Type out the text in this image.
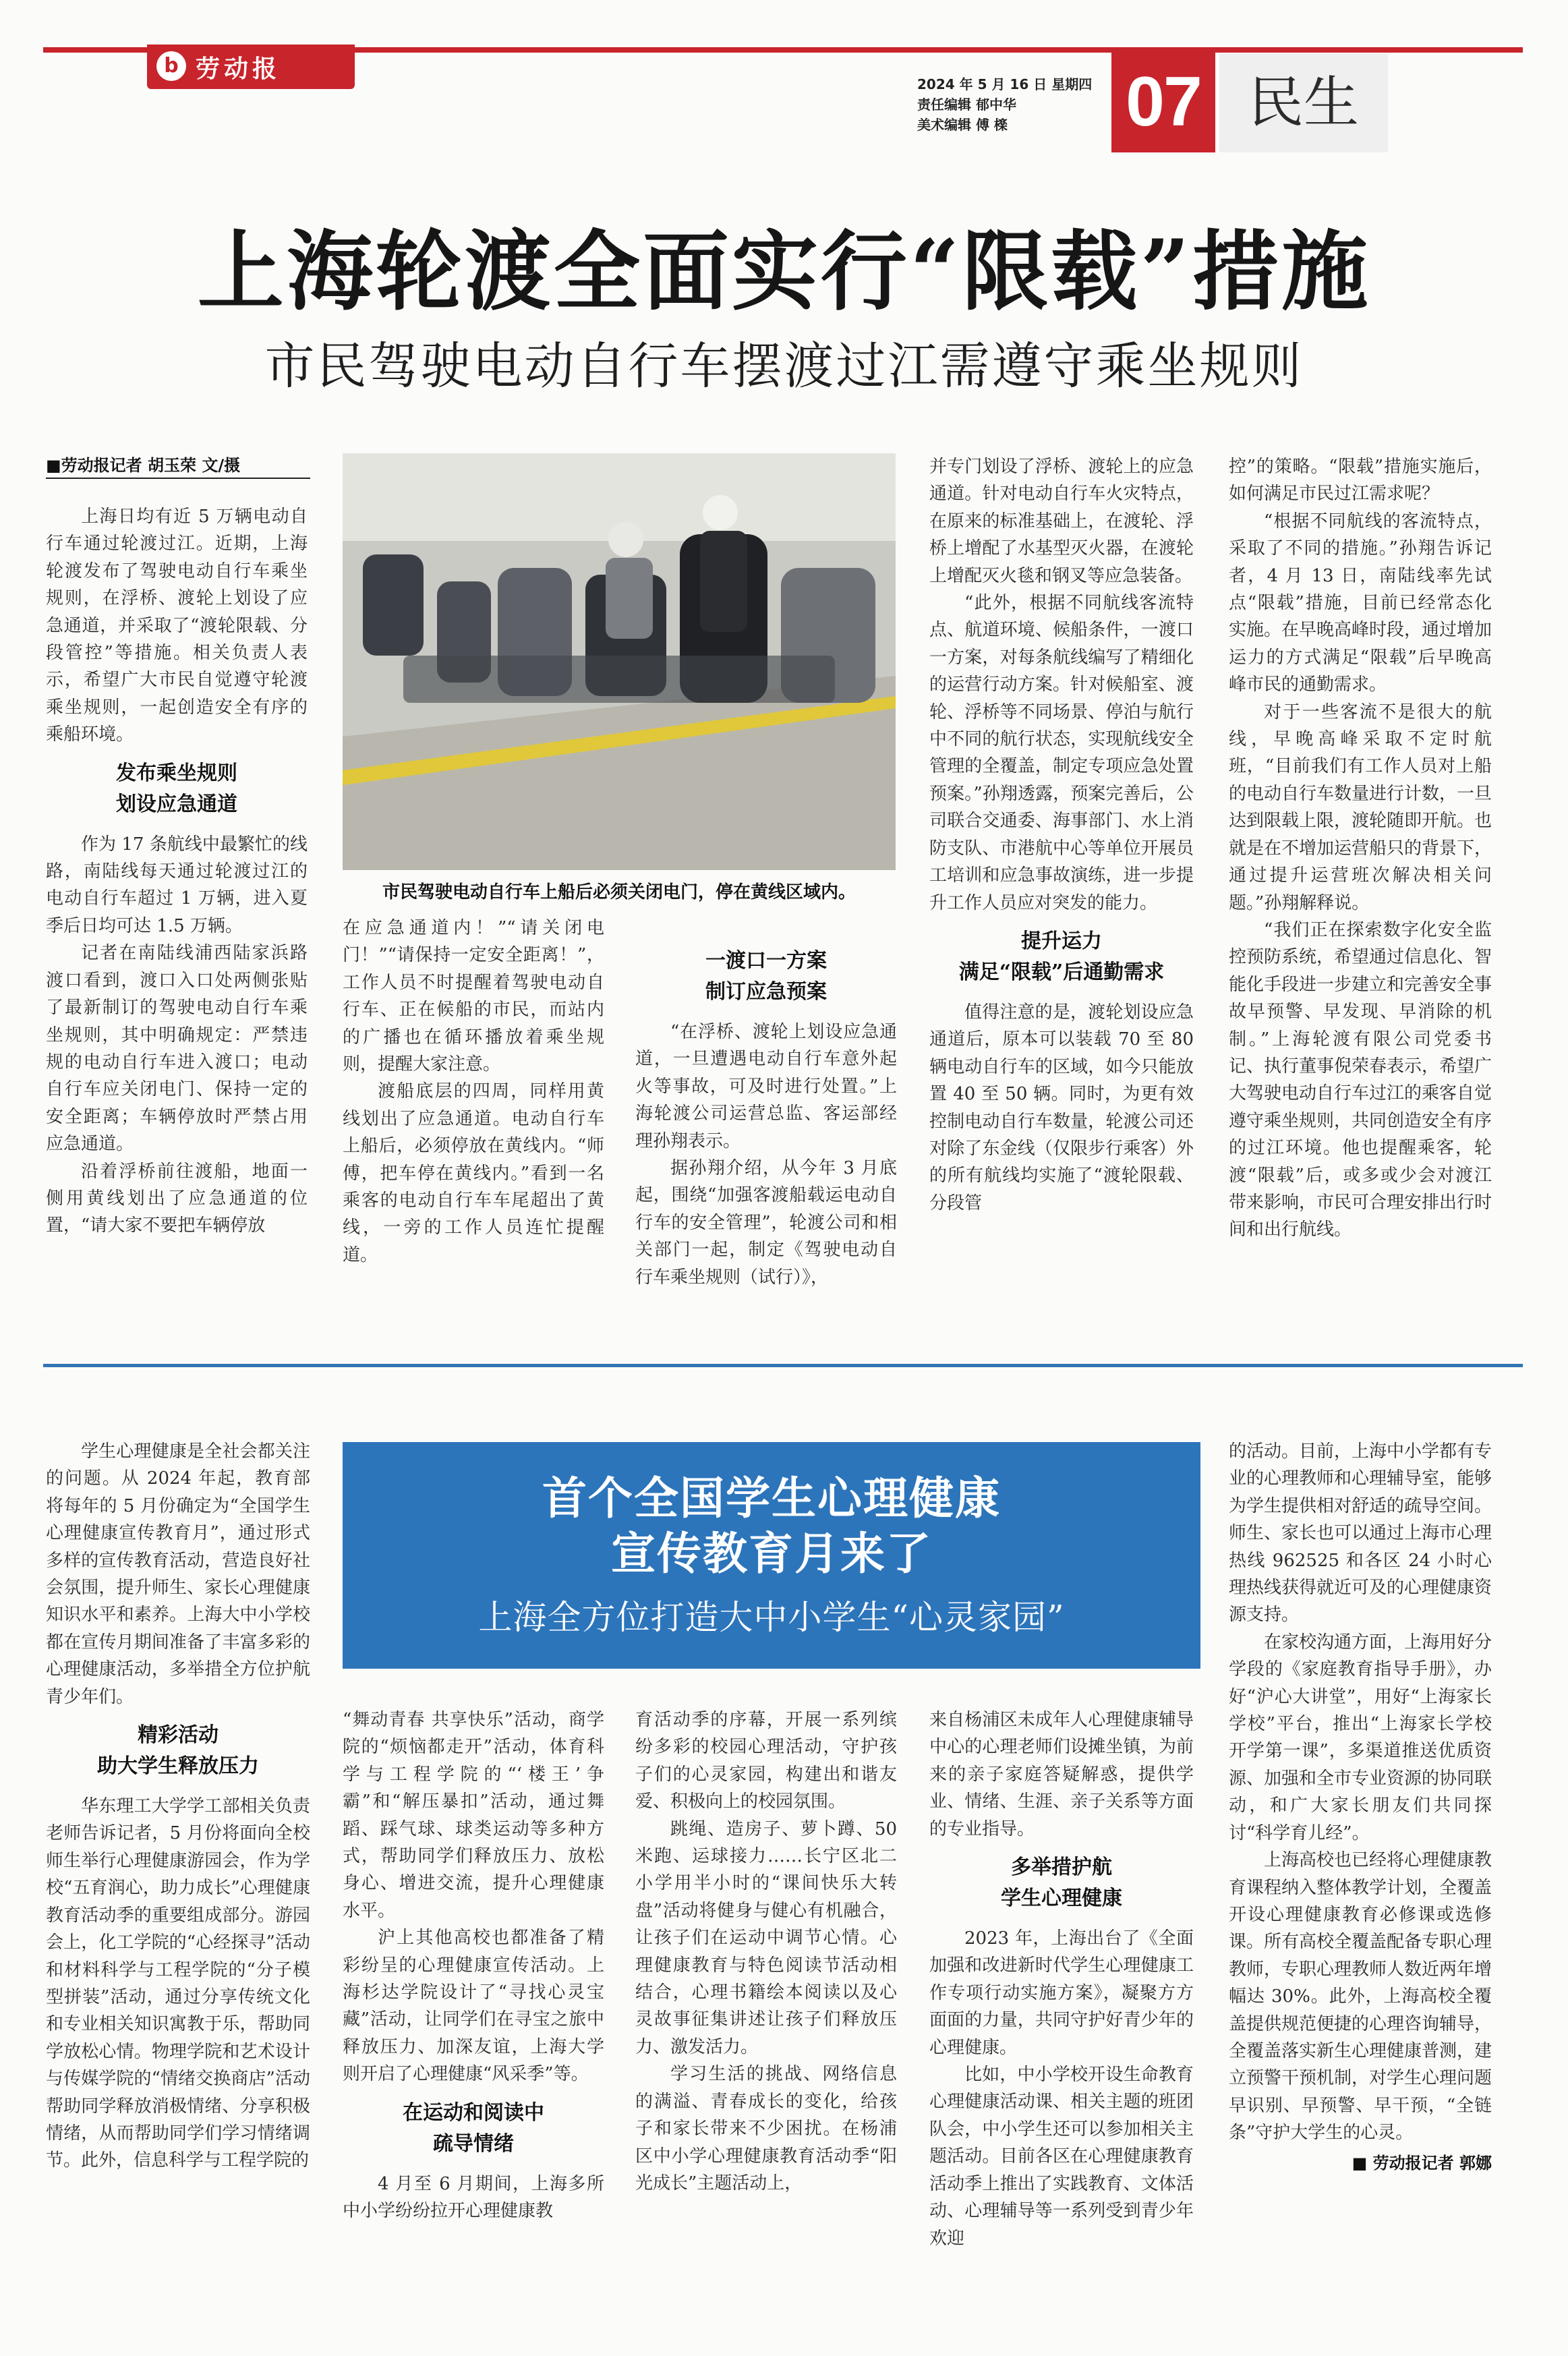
b 劳动报
2024 年 5 月 16 日 星期四
责任编辑 郁中华
美术编辑 傅 檪	07 民生
上海轮渡全面实行“限载”措施
市民驾驶电动自行车摆渡过江需遵守乘坐规则
■劳动报记者 胡玉荣 文/摄
上海日均有近 5 万辆电动自行车通过轮渡过江。近期，上海轮渡发布了驾驶电动自行车乘坐规则，在浮桥、渡轮上划设了应急通道，并采取了“渡轮限载、分段管控”等措施。相关负责人表示，希望广大市民自觉遵守轮渡乘坐规则，一起创造安全有序的乘船环境。
发布乘坐规则
划设应急通道
作为 17 条航线中最繁忙的线路，南陆线每天通过轮渡过江的电动自行车超过 1 万辆，进入夏季后日均可达 1.5 万辆。
记者在南陆线浦西陆家浜路渡口看到，渡口入口处两侧张贴了最新制订的驾驶电动自行车乘坐规则，其中明确规定：严禁违规的电动自行车进入渡口；电动自行车应关闭电门、保持一定的安全距离；车辆停放时严禁占用应急通道。
沿着浮桥前往渡船，地面一侧用黄线划出了应急通道的位置，“请大家不要把车辆停放
市民驾驶电动自行车上船后必须关闭电门，停在黄线区域内。
在应急通道内！”“请关闭电门！”“请保持一定安全距离！”，工作人员不时提醒着驾驶电动自行车、正在候船的市民，而站内的广播也在循环播放着乘坐规则，提醒大家注意。
渡船底层的四周，同样用黄线划出了应急通道。电动自行车上船后，必须停放在黄线内。“师傅，把车停在黄线内。”看到一名乘客的电动自行车车尾超出了黄线，一旁的工作人员连忙提醒道。
一渡口一方案
制订应急预案
“在浮桥、渡轮上划设应急通道，一旦遭遇电动自行车意外起火等事故，可及时进行处置。”上海轮渡公司运营总监、客运部经理孙翔表示。
据孙翔介绍，从今年 3 月底起，围绕“加强客渡船载运电动自行车的安全管理”，轮渡公司和相关部门一起，制定《驾驶电动自行车乘坐规则（试行）》，
并专门划设了浮桥、渡轮上的应急通道。针对电动自行车火灾特点，在原来的标准基础上，在渡轮、浮桥上增配了水基型灭火器，在渡轮上增配灭火毯和钢叉等应急装备。
“此外，根据不同航线客流特点、航道环境、候船条件，一渡口一方案，对每条航线编写了精细化的运营行动方案。针对候船室、渡轮、浮桥等不同场景、停泊与航行中不同的航行状态，实现航线安全管理的全覆盖，制定专项应急处置预案。”孙翔透露，预案完善后，公司联合交通委、海事部门、水上消防支队、市港航中心等单位开展员工培训和应急事故演练，进一步提升工作人员应对突发的能力。
提升运力
满足“限载”后通勤需求
值得注意的是，渡轮划设应急通道后，原本可以装载 70 至 80 辆电动自行车的区域，如今只能放置 40 至 50 辆。同时，为更有效控制电动自行车数量，轮渡公司还对除了东金线（仅限步行乘客）外的所有航线均实施了“渡轮限载、分段管
控”的策略。“限载”措施实施后，如何满足市民过江需求呢？
“根据不同航线的客流特点，采取了不同的措施。”孙翔告诉记者，4 月 13 日，南陆线率先试点“限载”措施，目前已经常态化实施。在早晚高峰时段，通过增加运力的方式满足“限载”后早晚高峰市民的通勤需求。
对于一些客流不是很大的航线，早晚高峰采取不定时航班，“目前我们有工作人员对上船的电动自行车数量进行计数，一旦达到限载上限，渡轮随即开航。也就是在不增加运营船只的背景下，通过提升运营班次解决相关问题。”孙翔解释说。
“我们正在探索数字化安全监控预防系统，希望通过信息化、智能化手段进一步建立和完善安全事故早预警、早发现、早消除的机制。”上海轮渡有限公司党委书记、执行董事倪荣春表示，希望广大驾驶电动自行车过江的乘客自觉遵守乘坐规则，共同创造安全有序的过江环境。他也提醒乘客，轮渡“限载”后，或多或少会对渡江带来影响，市民可合理安排出行时间和出行航线。
首个全国学生心理健康
宣传教育月来了
上海全方位打造大中小学生“心灵家园”
学生心理健康是全社会都关注的问题。从 2024 年起，教育部将每年的 5 月份确定为“全国学生心理健康宣传教育月”，通过形式多样的宣传教育活动，营造良好社会氛围，提升师生、家长心理健康知识水平和素养。上海大中小学校都在宣传月期间准备了丰富多彩的心理健康活动，多举措全方位护航青少年们。
精彩活动
助大学生释放压力
华东理工大学学工部相关负责老师告诉记者，5 月份将面向全校师生举行心理健康游园会，作为学校“五育润心，助力成长”心理健康教育活动季的重要组成部分。游园会上，化工学院的“心经探寻”活动和材料科学与工程学院的“分子模型拼装”活动，通过分享传统文化和专业相关知识寓教于乐，帮助同学放松心情。物理学院和艺术设计与传媒学院的“情绪交换商店”活动帮助同学释放消极情绪、分享积极情绪，从而帮助同学们学习情绪调节。此外，信息科学与工程学院的
“舞动青春 共享快乐”活动，商学院的“烦恼都走开”活动，体育科学与工程学院的“‘楼王’争霸”和“解压暴扣”活动，通过舞蹈、踩气球、球类运动等多种方式，帮助同学们释放压力、放松身心、增进交流，提升心理健康水平。
沪上其他高校也都准备了精彩纷呈的心理健康宣传活动。上海杉达学院设计了“寻找心灵宝藏”活动，让同学们在寻宝之旅中释放压力、加深友谊，上海大学则开启了心理健康“风采季”等。
在运动和阅读中
疏导情绪
4 月至 6 月期间，上海多所中小学纷纷拉开心理健康教
育活动季的序幕，开展一系列缤纷多彩的校园心理活动，守护孩子们的心灵家园，构建出和谐友爱、积极向上的校园氛围。
跳绳、造房子、萝卜蹲、50 米跑、运球接力……长宁区北二小学用半小时的“课间快乐大转盘”活动将健身与健心有机融合，让孩子们在运动中调节心情。心理健康教育与特色阅读节活动相结合，心理书籍绘本阅读以及心灵故事征集讲述让孩子们释放压力、激发活力。
学习生活的挑战、网络信息的满溢、青春成长的变化，给孩子和家长带来不少困扰。在杨浦区中小学心理健康教育活动季“阳光成长”主题活动上，
来自杨浦区未成年人心理健康辅导中心的心理老师们设摊坐镇，为前来的亲子家庭答疑解惑，提供学业、情绪、生涯、亲子关系等方面的专业指导。
多举措护航
学生心理健康
2023 年，上海出台了《全面加强和改进新时代学生心理健康工作专项行动实施方案》，凝聚方方面面的力量，共同守护好青少年的心理健康。
比如，中小学校开设生命教育心理健康活动课、相关主题的班团队会，中小学生还可以参加相关主题活动。目前各区在心理健康教育活动季上推出了实践教育、文体活动、心理辅导等一系列受到青少年欢迎
的活动。目前，上海中小学都有专业的心理教师和心理辅导室，能够为学生提供相对舒适的疏导空间。师生、家长也可以通过上海市心理热线 962525 和各区 24 小时心理热线获得就近可及的心理健康资源支持。
在家校沟通方面，上海用好分学段的《家庭教育指导手册》，办好“沪心大讲堂”，用好“上海家长学校”平台，推出“上海家长学校开学第一课”，多渠道推送优质资源、加强和全市专业资源的协同联动，和广大家长朋友们共同探讨“科学育儿经”。
上海高校也已经将心理健康教育课程纳入整体教学计划，全覆盖开设心理健康教育必修课或选修课。所有高校全覆盖配备专职心理教师，专职心理教师人数近两年增幅达 30%。此外，上海高校全覆盖提供规范便捷的心理咨询辅导，全覆盖落实新生心理健康普测，建立预警干预机制，对学生心理问题早识别、早预警、早干预，“全链条”守护大学生的心灵。
■ 劳动报记者 郭娜
